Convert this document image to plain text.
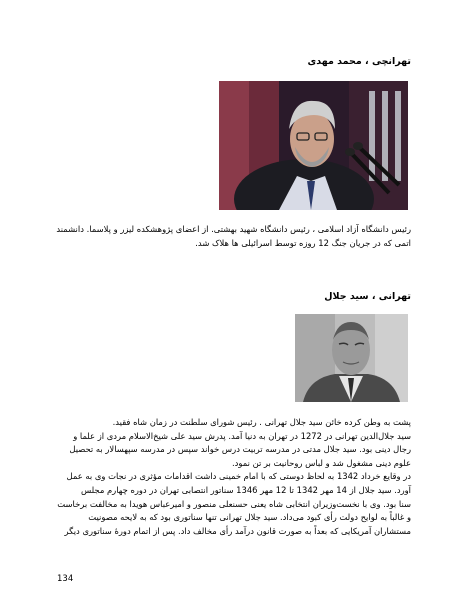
تهرانچی ، محمد مهدی
رئیس دانشگاه آزاد اسلامی ، رئیس دانشگاه شهید بهشتی. از اعضای پژوهشکده لیزر و پلاسما. دانشمند
اتمی که در جریان جنگ 12 روزه توسط اسرائیلی ها هلاک شد.
تهرانی ، سید جلال
پشت به وطن کرده خائن سید جلال تهرانی . رئیس شورای سلطنت در زمان شاه فقید.
سید جلال‌الدین تهرانی در 1272 در تهران به دنیا آمد. پدرش سید علی شیخ‌الاسلام مردی از علما و
رجال دینی بود. سید جلال مدتی در مدرسه تربیت درس خواند سپس در مدرسه سپهسالار به تحصیل
علوم دینی مشغول شد و لباس روحانیت بر تن نمود.
در وقایع خرداد 1342 به لحاظ دوستی که با امام خمینی داشت اقدامات مؤثری در نجات وی به عمل
آورد. سید جلال از 14 مهر 1342 تا 12 مهر 1346 سناتور انتصابی تهران در دوره چهارم مجلس
سنا بود. وی با نخست‌وزیران انتخابی شاه یعنی حسنعلی منصور و امیرعباس هویدا به مخالفت برخاست
و غالباً به لوایح دولت رأی کبود می‌داد. سید جلال تهرانی تنها سناتوری بود که به لایحه مصونیت
مستشاران آمریکایی که بعداً به صورت قانون درآمد رأی مخالف داد. پس از اتمام دورهٔ سناتوری دیگر
134
